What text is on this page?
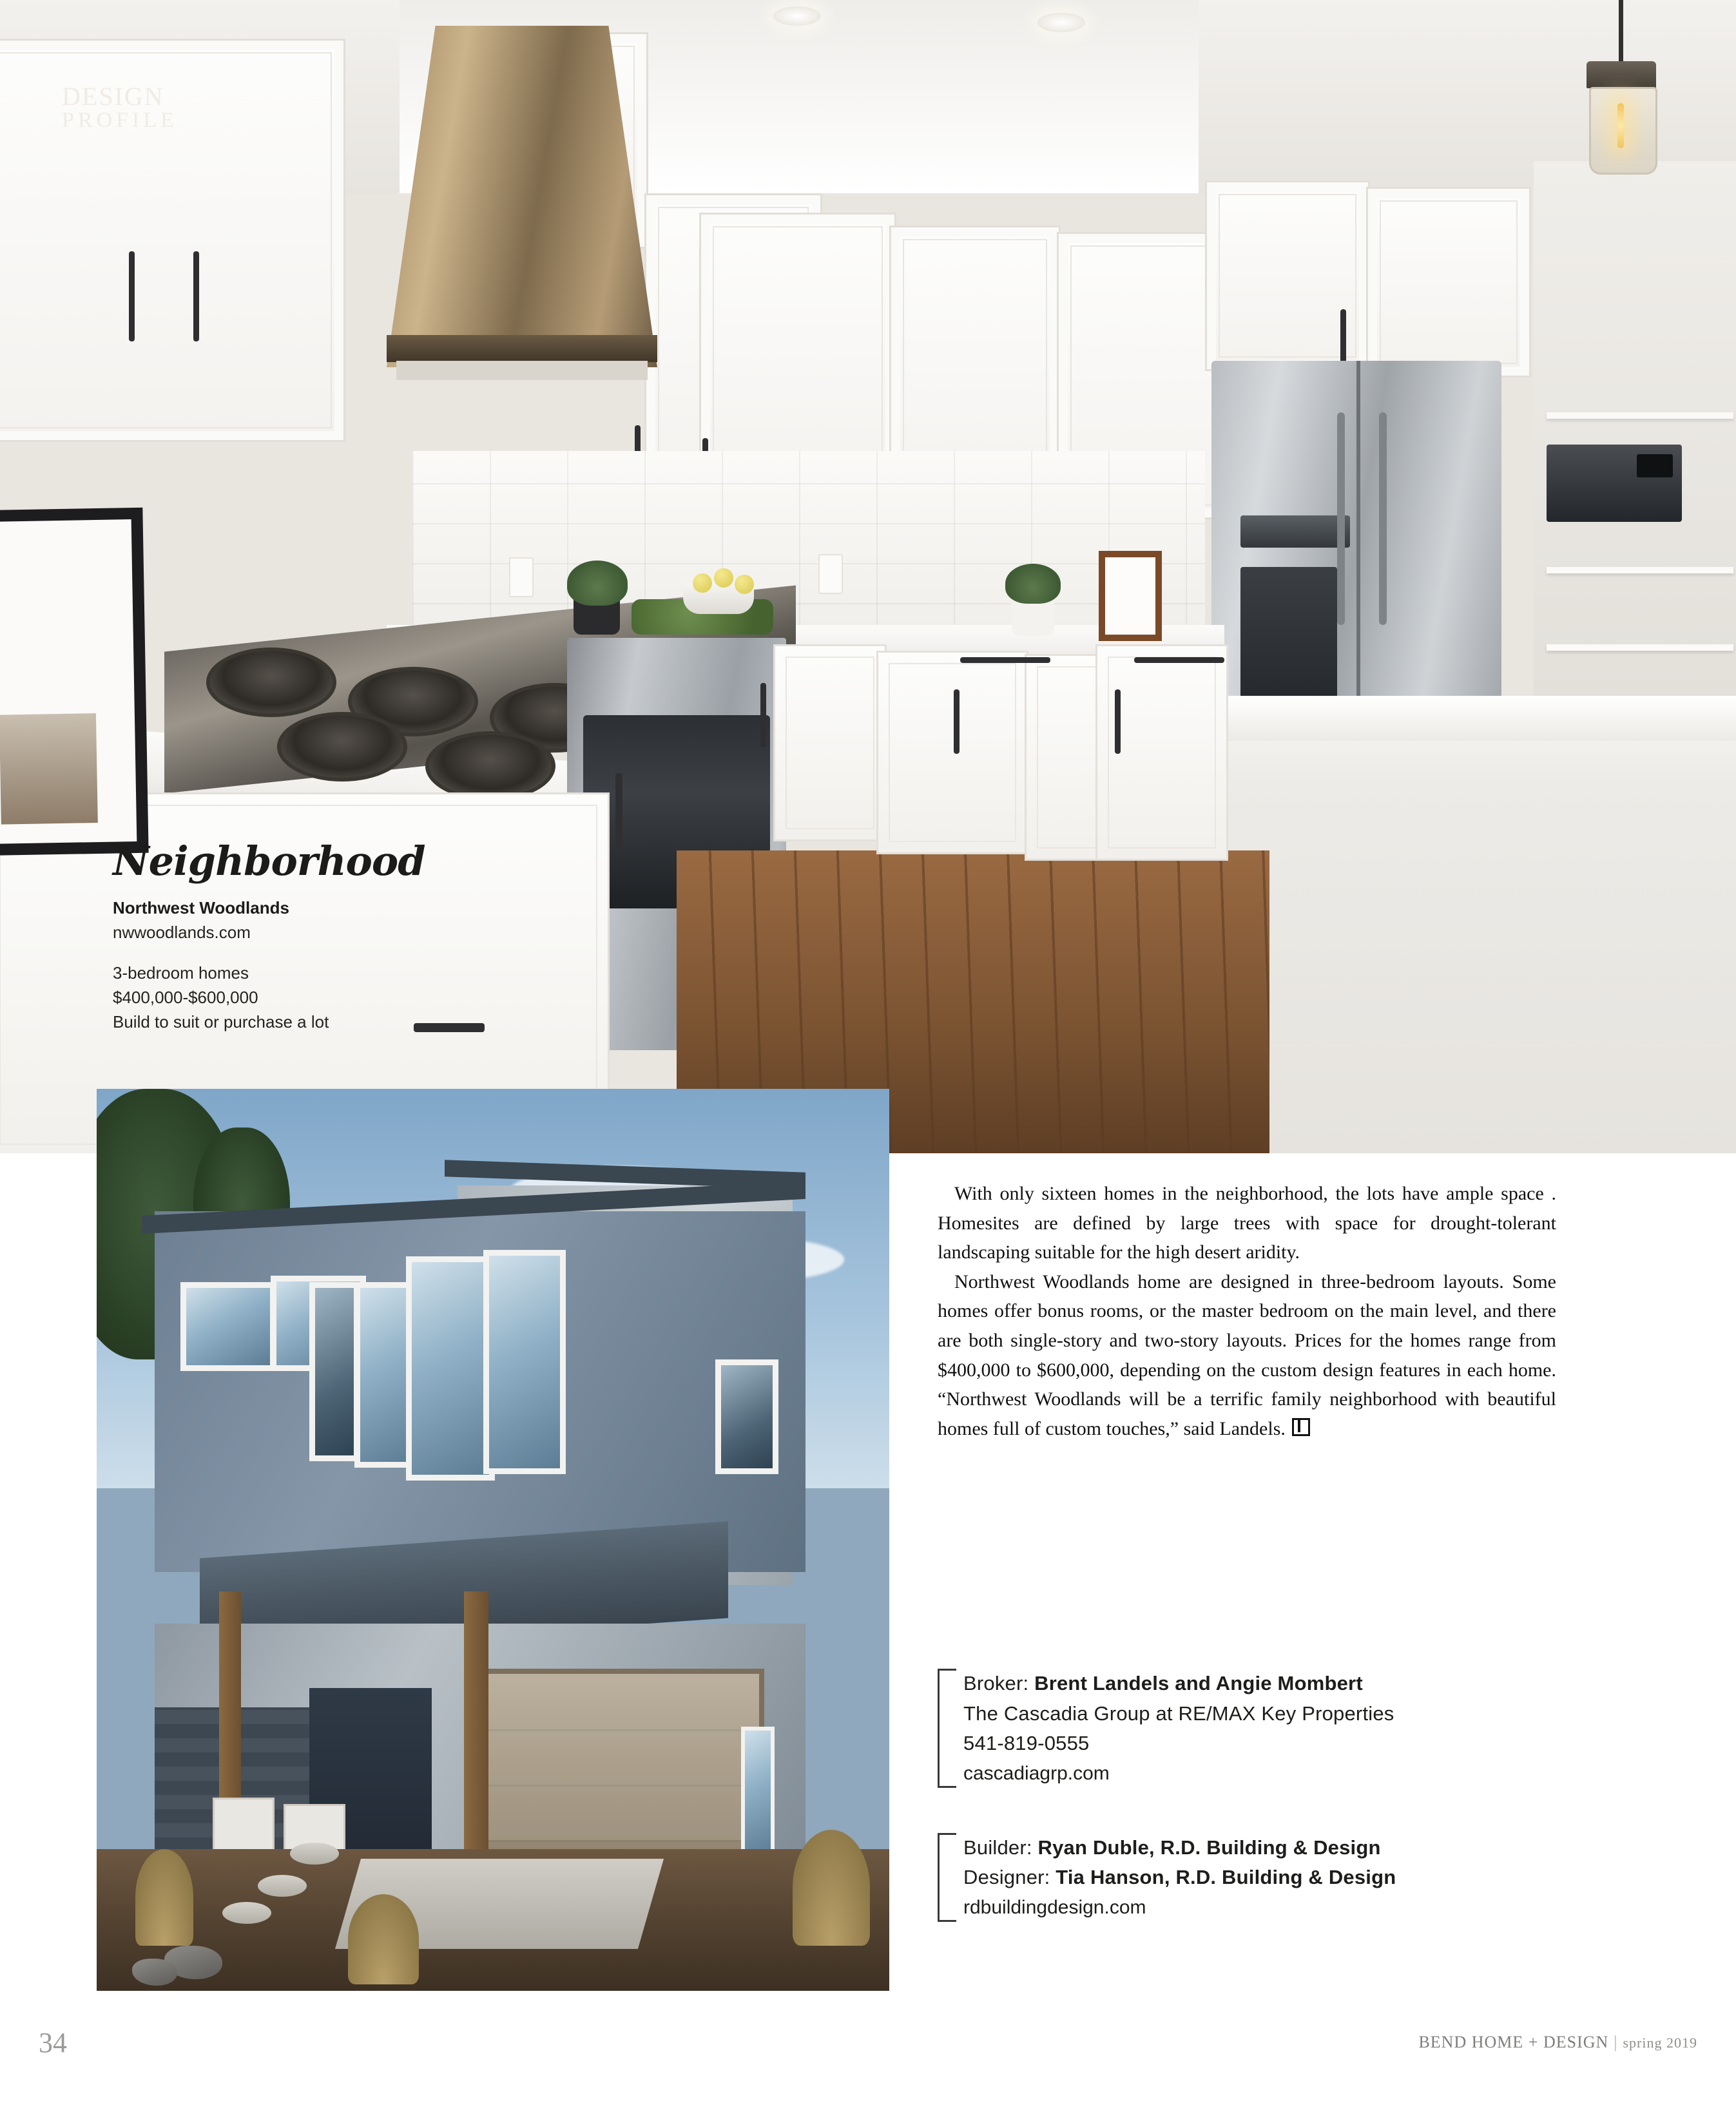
DESIGN
PROFILE
Neighborhood
Northwest Woodlands
nwwoodlands.com
3-bedroom homes
$400,000-$600,000
Build to suit or purchase a lot

With only sixteen homes in the neighborhood, the lots have ample space . Homesites are defined by large trees with space for drought-tolerant landscaping suitable for the high desert aridity.

Northwest Woodlands home are designed in three-bedroom layouts. Some homes offer bonus rooms, or the master bedroom on the main level, and there are both single-story and two-story layouts. Prices for the homes range from $400,000 to $600,000, depending on the custom design features in each home. “Northwest Woodlands will be a terrific family neighborhood with beautiful homes full of custom touches,” said Landels.

Broker: Brent Landels and Angie Mombert
The Cascadia Group at RE/MAX Key Properties
541-819-0555
cascadiagrp.com
Builder: Ryan Duble, R.D. Building & Design
Designer: Tia Hanson, R.D. Building & Design
rdbuildingdesign.com
34	BEND HOME + DESIGN | spring 2019
